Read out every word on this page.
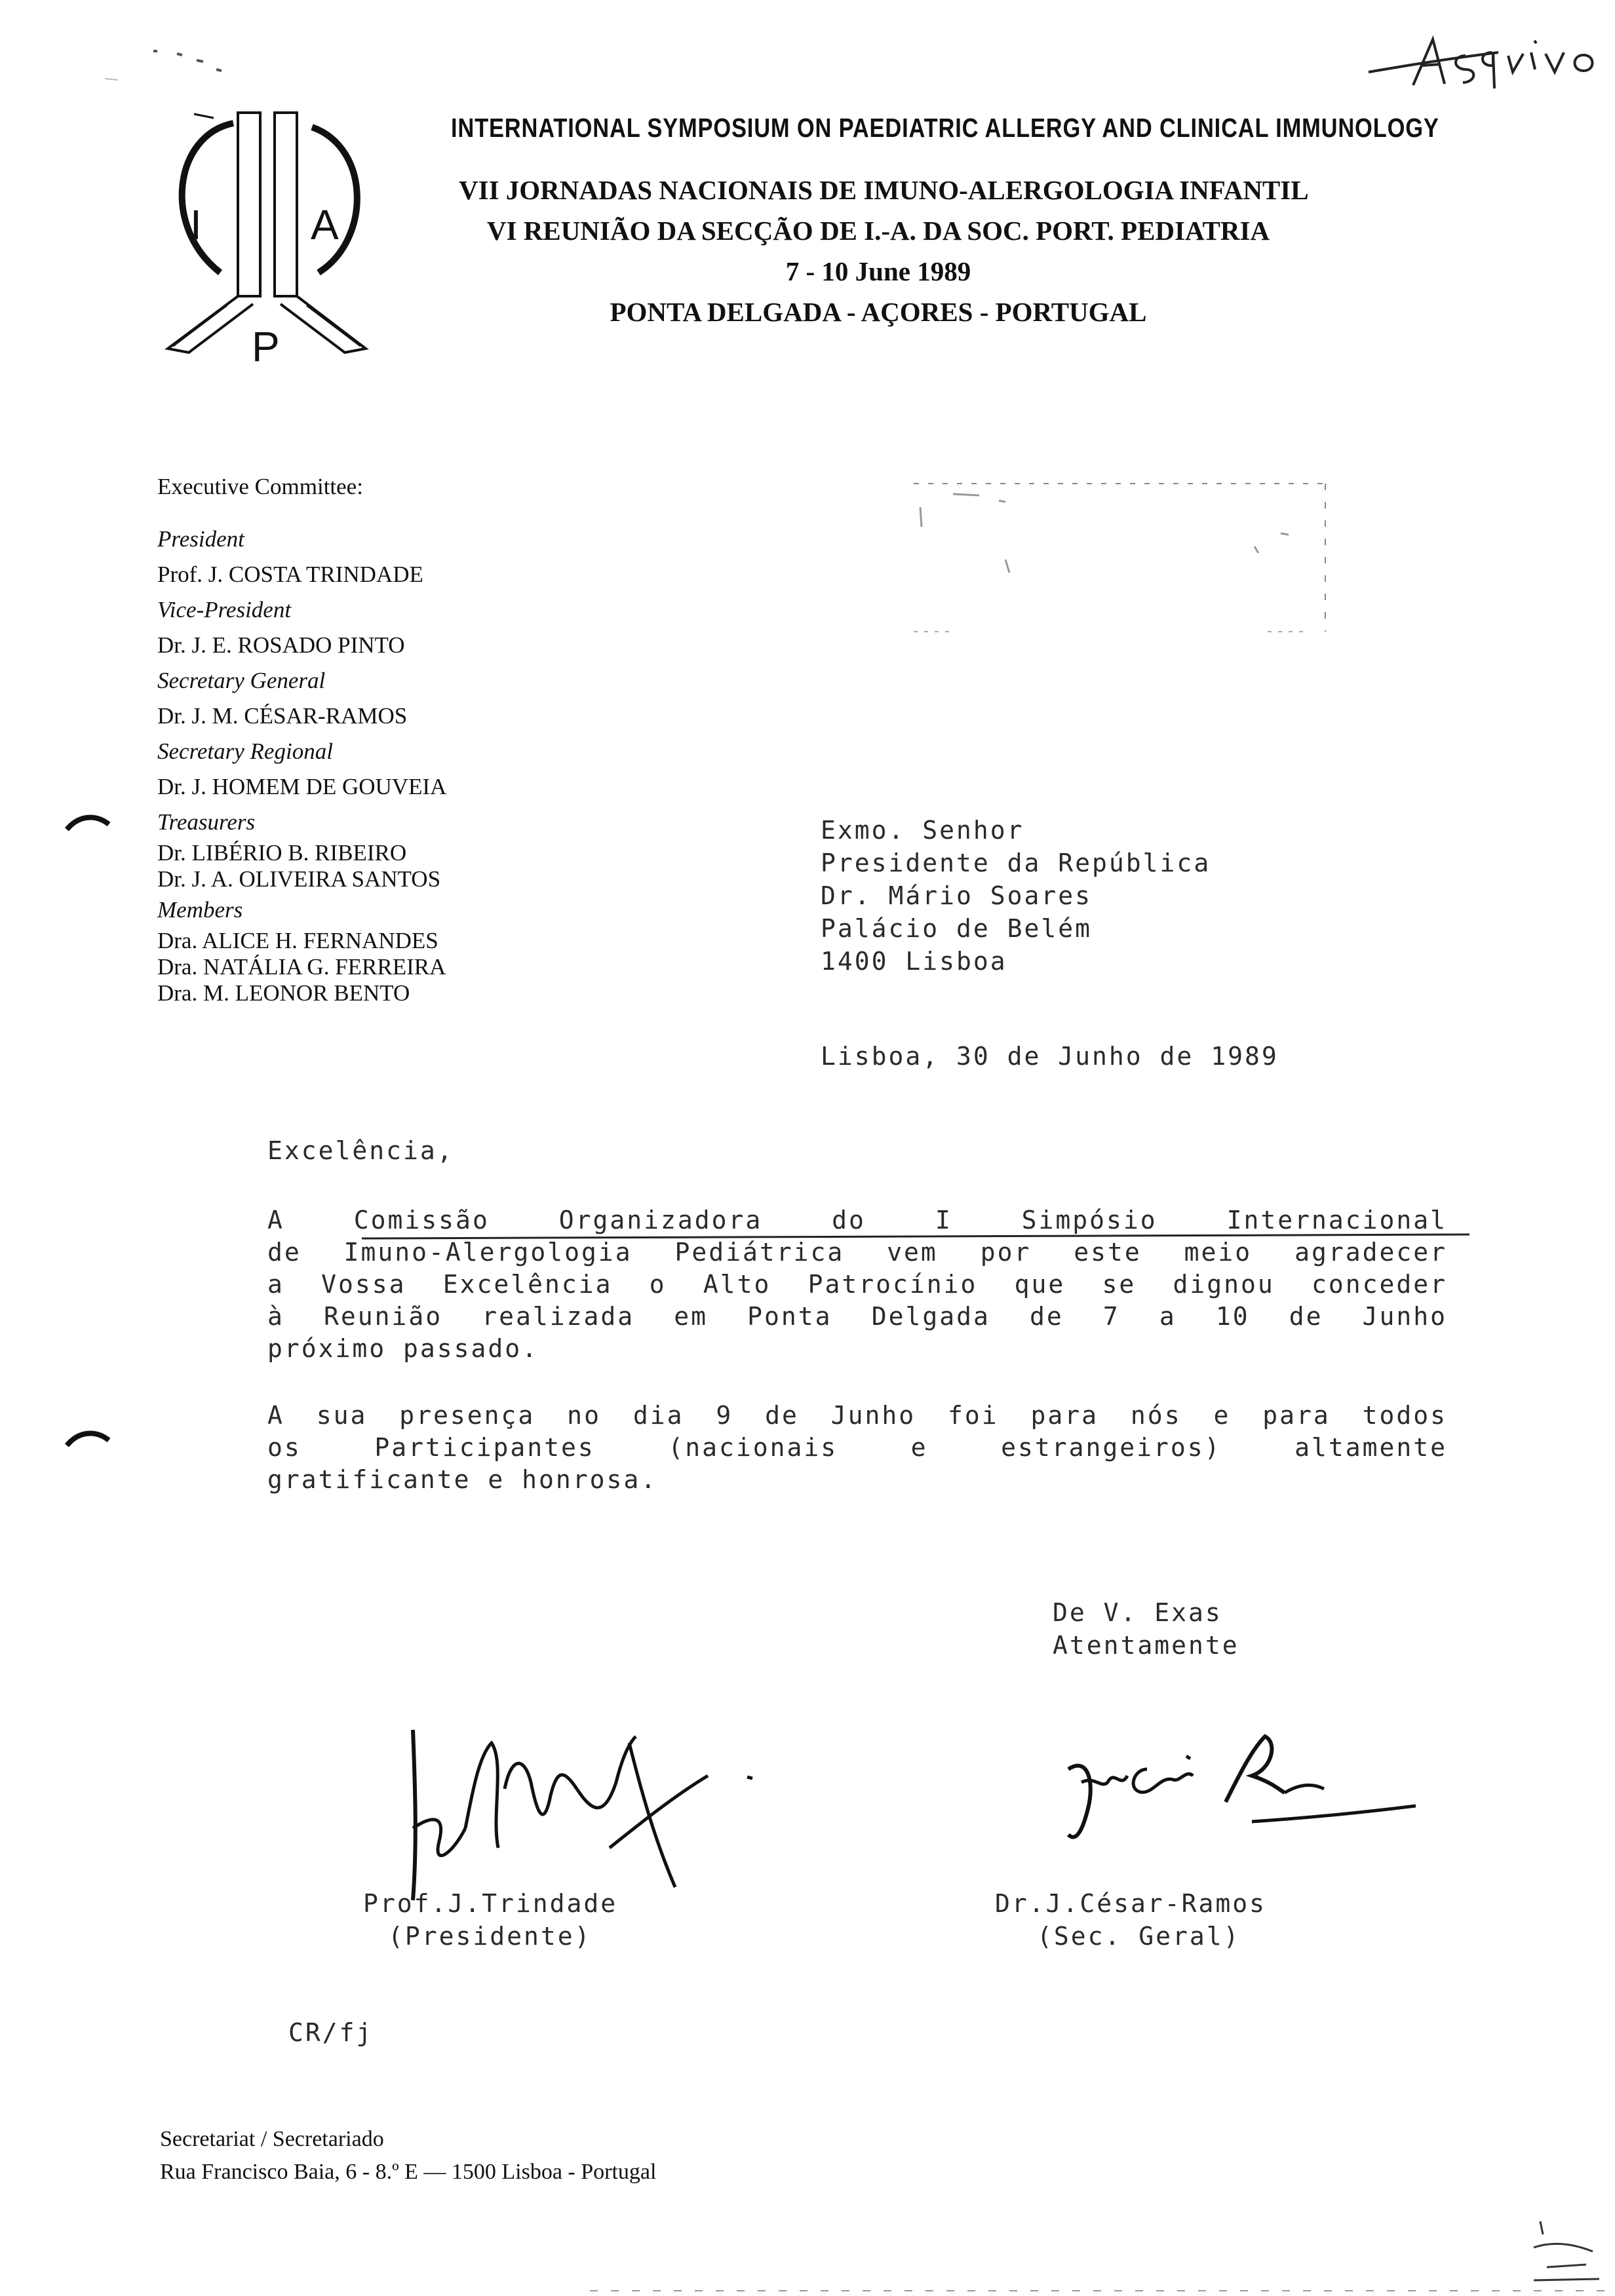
I	A
P
INTERNATIONAL SYMPOSIUM ON PAEDIATRIC ALLERGY AND CLINICAL IMMUNOLOGY
VII JORNADAS NACIONAIS DE IMUNO-ALERGOLOGIA INFANTIL
VI REUNIÃO DA SECÇÃO DE I.-A. DA SOC. PORT. PEDIATRIA
7 - 10 June 1989
PONTA DELGADA - AÇORES - PORTUGAL
Executive Committee:
President
Prof. J. COSTA TRINDADE
Vice-President
Dr. J. E. ROSADO PINTO
Secretary General
Dr. J. M. CÉSAR-RAMOS
Secretary Regional
Dr. J. HOMEM DE GOUVEIA
Treasurers
Dr. LIBÉRIO B. RIBEIRO
Dr. J. A. OLIVEIRA SANTOS
Members
Dra. ALICE H. FERNANDES
Dra. NATÁLIA G. FERREIRA
Dra. M. LEONOR BENTO
Exmo. Senhor
Presidente da República
Dr. Mário Soares
Palácio de Belém
1400 Lisboa
Lisboa, 30 de Junho de 1989
Excelência,
A Comissão Organizadora do I Simpósio Internacional
de Imuno-Alergologia Pediátrica vem por este meio agradecer
a Vossa Excelência o Alto Patrocínio que se dignou conceder
à Reunião realizada em Ponta Delgada de 7 a 10 de Junho
próximo passado.
A sua presença no dia 9 de Junho foi para nós e para todos
os Participantes (nacionais e estrangeiros) altamente
gratificante e honrosa.
De V. Exas
Atentamente
Prof.J.Trindade
(Presidente)
Dr.J.César-Ramos
(Sec. Geral)
CR/fj
Secretariat / Secretariado
Rua Francisco Baia, 6 - 8.º E — 1500 Lisboa - Portugal
